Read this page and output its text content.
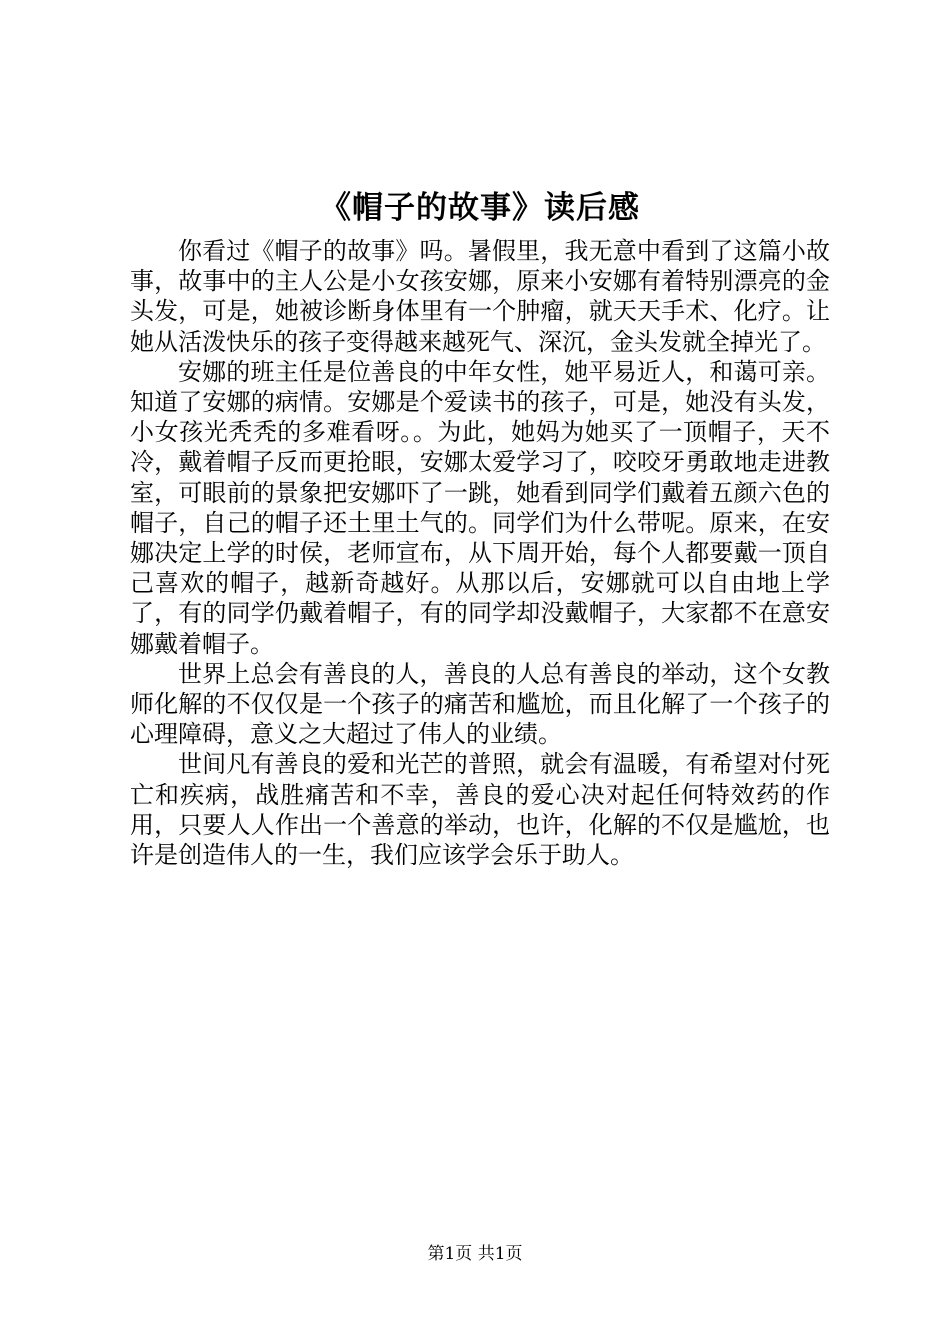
《帽子的故事》读后感

你看过《帽子的故事》吗。暑假里，我无意中看到了这篇小故事，故事中的主人公是小女孩安娜，原来小安娜有着特别漂亮的金头发，可是，她被诊断身体里有一个肿瘤，就天天手术、化疗。让她从活泼快乐的孩子变得越来越死气、深沉，金头发就全掉光了。

安娜的班主任是位善良的中年女性，她平易近人，和蔼可亲。知道了安娜的病情。安娜是个爱读书的孩子，可是，她没有头发，小女孩光秃秃的多难看呀。。为此，她妈为她买了一顶帽子，天不冷，戴着帽子反而更抢眼，安娜太爱学习了，咬咬牙勇敢地走进教室，可眼前的景象把安娜吓了一跳，她看到同学们戴着五颜六色的帽子，自己的帽子还土里土气的。同学们为什么带呢。原来，在安娜决定上学的时侯，老师宣布，从下周开始，每个人都要戴一顶自己喜欢的帽子，越新奇越好。从那以后，安娜就可以自由地上学了，有的同学仍戴着帽子，有的同学却没戴帽子，大家都不在意安娜戴着帽子。

世界上总会有善良的人，善良的人总有善良的举动，这个女教师化解的不仅仅是一个孩子的痛苦和尴尬，而且化解了一个孩子的心理障碍，意义之大超过了伟人的业绩。

世间凡有善良的爱和光芒的普照，就会有温暖，有希望对付死亡和疾病，战胜痛苦和不幸，善良的爱心决对起任何特效药的作用，只要人人作出一个善意的举动，也许，化解的不仅是尴尬，也许是创造伟人的一生，我们应该学会乐于助人。

第1页 共1页
